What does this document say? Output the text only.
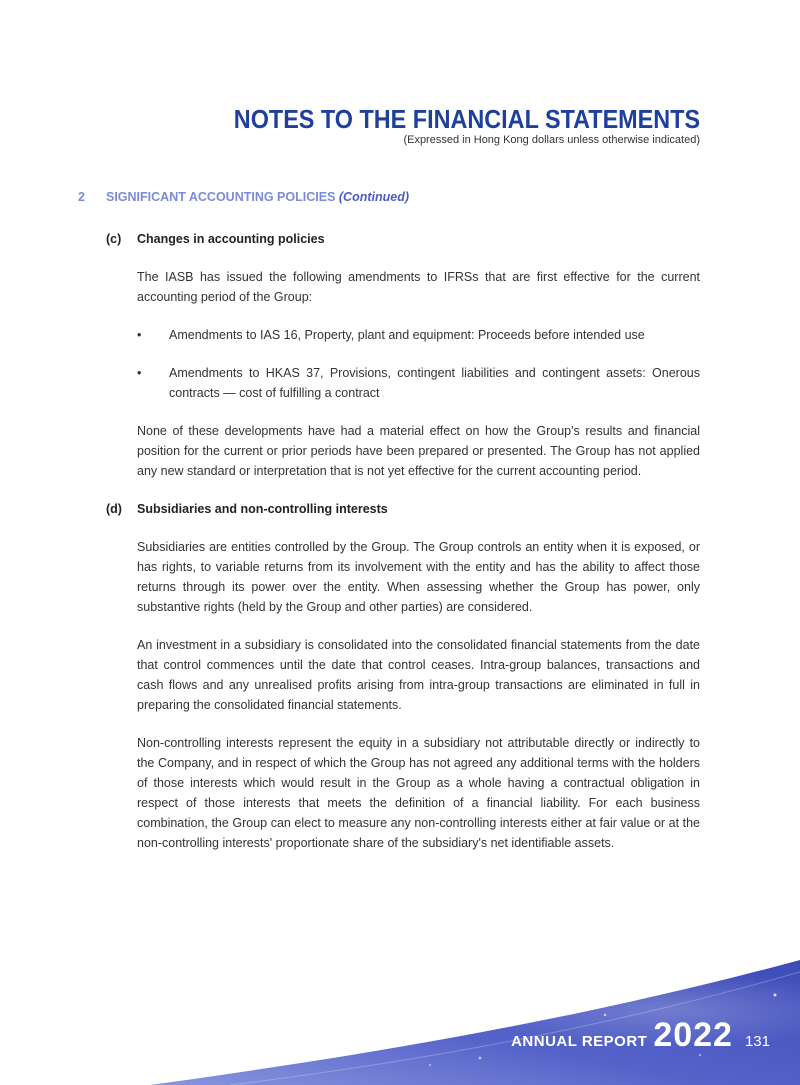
NOTES TO THE FINANCIAL STATEMENTS
(Expressed in Hong Kong dollars unless otherwise indicated)
2 SIGNIFICANT ACCOUNTING POLICIES (Continued)
(c) Changes in accounting policies

The IASB has issued the following amendments to IFRSs that are first effective for the current accounting period of the Group:

•	Amendments to IAS 16, Property, plant and equipment: Proceeds before intended use
•	Amendments to HKAS 37, Provisions, contingent liabilities and contingent assets: Onerous contracts — cost of fulfilling a contract

None of these developments have had a material effect on how the Group's results and financial position for the current or prior periods have been prepared or presented. The Group has not applied any new standard or interpretation that is not yet effective for the current accounting period.

(d) Subsidiaries and non-controlling interests

Subsidiaries are entities controlled by the Group. The Group controls an entity when it is exposed, or has rights, to variable returns from its involvement with the entity and has the ability to affect those returns through its power over the entity. When assessing whether the Group has power, only substantive rights (held by the Group and other parties) are considered.

An investment in a subsidiary is consolidated into the consolidated financial statements from the date that control commences until the date that control ceases. Intra-group balances, transactions and cash flows and any unrealised profits arising from intra-group transactions are eliminated in full in preparing the consolidated financial statements.

Non-controlling interests represent the equity in a subsidiary not attributable directly or indirectly to the Company, and in respect of which the Group has not agreed any additional terms with the holders of those interests which would result in the Group as a whole having a contractual obligation in respect of those interests that meets the definition of a financial liability. For each business combination, the Group can elect to measure any non-controlling interests either at fair value or at the non-controlling interests' proportionate share of the subsidiary's net identifiable assets.

ANNUAL REPORT 2022 131
